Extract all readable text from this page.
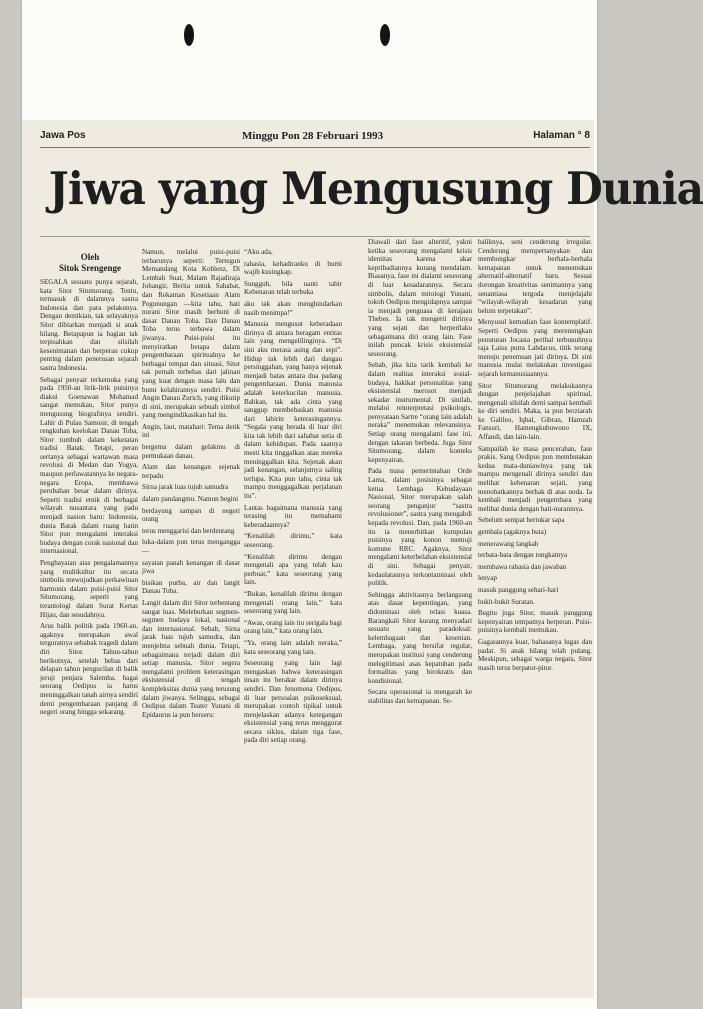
Jawa Pos	Minggu Pon 28 Februari 1993	Halaman ° 8
Jiwa yang Mengusung Dunia
Oleh
Sitok Srengenge

SEGALA sesuatu punya sejarah, kata Sitor Situmorang. Tentu, termasuk di dalamnya sastra Indonesia dan para pelakunya. Dengan demikian, tak selayaknya Sitor dibiarkan menjadi si anak hilang. Betapapun ia bagian tak terpisahkan dan silsilah kesenimanan dan berperan cukup penting dalam penerusan sejarah sastra Indonesia.

Sebagai penyair terkemuka yang pada 1950-an lirik-lirik puisinya diakui Goenawan Mohamad sangat memukau, Sitor punya mengusung biografinya sendiri. Lahir di Pulau Samosir, di tengah rengkuhan keelokan Danau Toba, Sitor tumbuh dalam keketatan tradisi Batak. Tetapi, peran sertanya sebagai wartawan masa revolusi di Medan dan Yogya, maupun perlawatannya ke negara-negara Eropa, membawa perubahan besar dalam dirinya. Seperti tradisi etnik di berbagai wilayah nusantara yang padu menjadi nasion baru: Indonesia, dunia Batak dalam ruang batin Sitor pun mengalami interaksi budaya dengan corak nasional dan internasional.

Penghayatan atas pengalamannya yang multikultur itu secara simbolis mewujudkan perkawinan harmonis dalam puisi-puisi Sitor Situmorang, seperti yang terantologi dalam Surat Kertas Hijau, dan sesudahnya.

Arus balik politik pada 1960-an, agaknya merupakan awal terguratnya sebabak tragedi dalam diri Sitor. Tahun-tahun berikutnya, setelah bebas dari delapan tahun pengucilan di balik jeruji penjara Salemba, bagai seorang Oedipus ia harus meninggalkan tanah airnya sendiri demi pengembaraan panjang di negeri orang hingga sekarang.

Namun, melalui puisi-puisi terbarunya seperti: Tertegun Memandang Kota Koblenz, Di Lembah Suat, Malam Rajadiraja Johangir, Berita untuk Sahabat, dan Rekaman Kesetiaan Alam Pegunungan —kita tahu, hati nurani Sitor masih berhuni di dasar Danau Toba. Dan Danau Toba terus terbawa dalam jiwanya. Puisi-puisi itu menyiratkan betapa dalam pengembaraan spiritualnya ke berbagai tempat dan situasi, Sitor tak pernah terbebas dari jalinan yang kuat dengan masa lalu dan bumi kelahirannya sendiri. Puisi Angin Danau Zurich, yang dikutip di sini, merupakan sebuah simbol yang mengindikasikan hal itu.

Angin, laut, matahari: Tema detik ini

bergema dalam gelakmu di permukaan danau.

Alam dan kenangan sejenak terpadu

Sirna jarak luas tujuh samudra

dalam pandangmu. Namun begini

berdayung sampan di negeri orang

terus menggarisi dan berdentang

luka-dalam pun terus mengangga—

sayatan panah kenangan di dasar jiwa

bisikan purba, air dan langit Danau Toba.

Langit dalam diri Sitor terbentang sangat luas. Meleburkan segmen-segmen budaya lokal, nasional dan internasional. Sebab, Sirna jarak luas tujuh samudra, dan menjelma sebuah dunia. Tetapi, sebagaimana terjadi dalam diri setiap manusia, Sitor segera mengalami problem keterasingan eksistensial di tengah kompleksitas dunia yang terusung dalam jiwanya. Selingga, sebagai Oedipus dalam Teater Yunani di Epidaurus ia pun berseru:

“Aku ada,

rahasia, kehadiranku di bumi wajib kusingkap.

Sungguh, bila nanti tabir Kebenaran telah terbuka

aku tak akan menghindarkan nasib menimpa!”

Manusia mengusut keberadaan dirinya di antara beragam entitas lain yang mengelilinginya. “Di sini aku merasa asing dan sepi”. Hidup tak lebih dari dangau persinggahan, yang hanya sejenak menjadi batas antara dua padang pengembaraan. Dunia manusia adalah keterkucilan manusia. Bahkan, tak ada cinta yang sanggup membebaskan manusia dari labirin keterasingannya. “Segala yang berada di luar diri kita tak lebih dari sahabat setia di dalam kehidupan. Pada saatnya mesti kita tinggalkan atau mereka meninggalkan kita. Sejenak akan jadi kenangan, selanjutnya saling terlupa. Kita pun tahu, cinta tak mampu menggagalkan perjalanan itu”.

Lantas bagaimana manusia yang terasing itu memahami keberadaannya?

“Kenalilah dirimu,” kata seseorang.

“Kenalilah dirimu dengan mengenali apa yang telah kau perbuat,” kata seseorang yang lain.

“Bukan, kenalilah dirimu dengan mengenali orang lain,” kata seseorang yang lain.

“Awas, orang lain itu serigala bagi orang lain,” kata orang lain.

“Ya, orang lain adalah neraka,” kata seseorang yang lain.

Seseorang yang lain lagi mengaskan bahwa keterasingan insan itu berakar dalam dirinya sendiri. Dan fenomena Oedipus, di luar persoalan psikoseksual, merupakan contoh tipikal untuk menjelaskan adanya ketegangan eksistensial yang terus menggurat secara siklus, dalam tiga fase, pada diri setiap orang.

Diawali dari fase alteritif, yakni ketika seseorang mengalami krisis identitas karena akar kepribadiannya kurang mendalam. Biasanya, fase ini dialami seseorang di luar kesadarannya. Secara simbolis, dalam mitologi Yunani, tokoh Oedipus mengidapnya sampai ia menjadi penguasa di kerajaan Thebes. Ia tak mengerti dirinya yang sejati dan berperilaku sebagaimana diri orang lain. Fase inilah puncak krisis eksistensial seseorang.

Sebab, jika kita tarik kembali ke dalam realitas interaksi sosial-budaya, hakikat personalitas yang eksistensial merosot menjadi sekadar instrumental. Di sinilah, melalui reinterpretasi psikologis, pernyataan Sartre “orang lain adalah neraka” menemukan relevansinya. Setiap orang mengalami fase ini, dengan takaran berbeda. Juga Sitor Situmorang, dalam konteks kepenyairan.

Pada masa pemerintahan Orde Lama, dalam posisinya sebagai ketua Lembaga Kebudayaan Nasional, Sitor merupakan salah seorang penganjur “sastra revolusioner”, sastra yang mengabdi kepada revolusi. Dan, pada 1960-an itu ia menerbitkan kumpulan puisinya yang konon memuji komune RRC. Agaknya, Sitor mengalami keterbelahan eksistensial di sini. Sebagai penyair, kedaulatannya terkontaminasi oleh politik.

Sehingga aktivitasnya berlangsung atas dasar kepentingan, yang didominasi oleh relasi kuasa. Barangkali Sitor kurang menyadari sesuatu yang paradoksal: kelembagaan dan kesenian. Lembaga, yang bersifat regular, merupakan institusi yang cenderung melegitimasi asas kepatuhan pada formalitas yang birokratis dan kondisional.

Secara operasional ia mengarah ke stabilitas dan kemapanan. Se-

baliknya, seni cenderung irregular. Cenderung mempertanyakan dan membongkar berhala-berhala kemapanan untuk menemukan alternatif-alternatif baru. Sesuai dorongan kreativitas senimannya yang senantiasa tergoda menjelajahi “wilayah-wilayah kesadaran yang belum terpetakan”.

Menyusul kemudian fase kontemplatif. Seperti Oedipus yang merenungkan penuturan Jocasta perihal terbunuhnya raja Laius putra Labdacus, titik terang menuju penemuan jati dirinya. Di sini manusia mulai melakukan investigasi sejarah kemanusiaannya.

Sitor Situmorang melakukannya dengan penjelajahan spiritual, mengenali silsilah demi sampai kembali ke diri sendiri. Maka, ia pun berziarah ke Galileo, Iqbal, Gibran, Hamzah Fansuri, Hamengkubuwono IX, Affandi, dan lain-lain.

Sampailah ke masa pencerahan, fase prakis. Sang Oedipus pun membutakan kedua mata-duniawinya yang tak mampu mengenali dirinya sendiri dan melihat kebenaran sejati, yang menobatkannya berhak di atas noda. Ia kembali menjadi pengembara yang melihat dunia dengan hati-nuraninya.

Sebelum sempat bertukar sapa

gembala (agaknya buta)

menerawang langkah

terbata-bata dengan tongkatnya

membawa rahasia dan jawaban

lenyap

masuk panggung sehari-hari

bukit-bukit Suratan.

Begitu juga Sitor, masuk panggung kepenyairan tempatnya berperan. Puisi-puisinya kembali memukau.

Gagasannya kuat, bahasanya lugas dan padat. Si anak hilang telah pulang. Meskipun, sebagai warga negara, Sitor masih terus berpator-pitor.
